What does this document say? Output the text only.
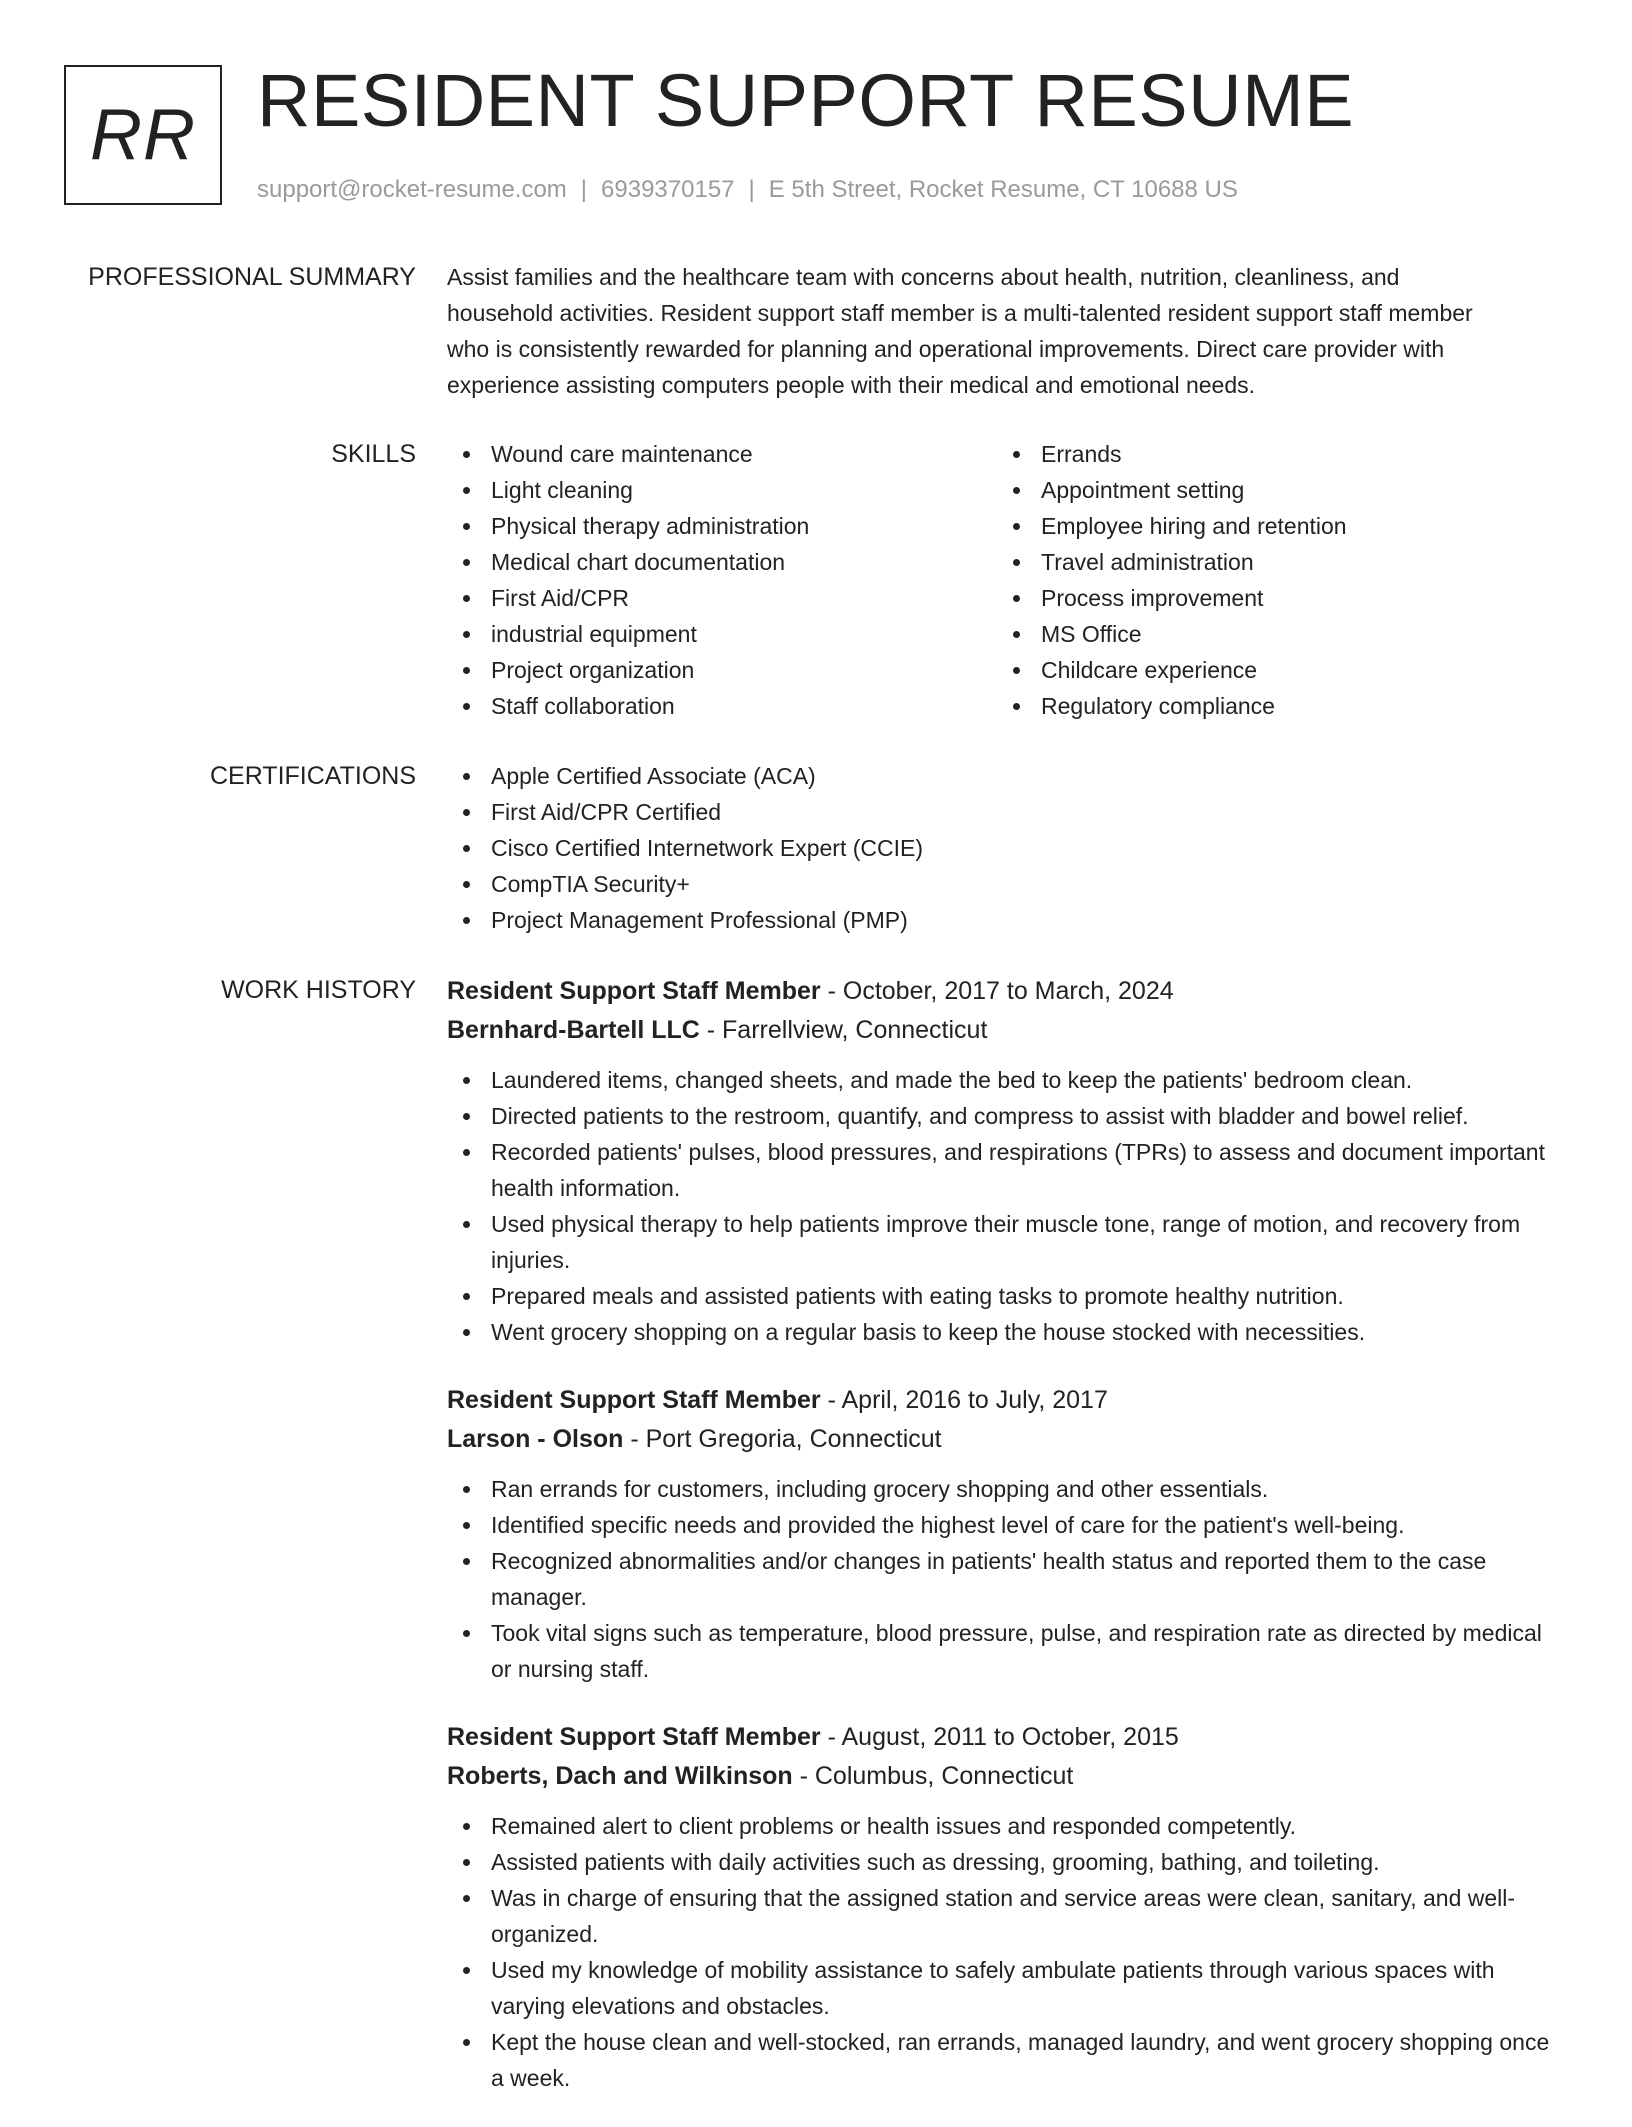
RR RESIDENT SUPPORT RESUME
support@rocket-resume.com | 6939370157 | E 5th Street, Rocket Resume, CT 10688 US
PROFESSIONAL SUMMARY Assist families and the healthcare team with concerns about health, nutrition, cleanliness, and household activities. Resident support staff member is a multi-talented resident support staff member who is consistently rewarded for planning and operational improvements. Direct care provider with experience assisting computers people with their medical and emotional needs.

SKILLS	Wound care maintenance
Light cleaning
Physical therapy administration
Medical chart documentation
First Aid/CPR
industrial equipment
Project organization
Staff collaboration
Errands
Appointment setting
Employee hiring and retention
Travel administration
Process improvement
MS Office
Childcare experience
Regulatory compliance
CERTIFICATIONS	Apple Certified Associate (ACA)
First Aid/CPR Certified
Cisco Certified Internetwork Expert (CCIE)
CompTIA Security+
Project Management Professional (PMP)
WORK HISTORY Resident Support Staff Member - October, 2017 to March, 2024
Bernhard-Bartell LLC - Farrellview, Connecticut
Laundered items, changed sheets, and made the bed to keep the patients' bedroom clean.
Directed patients to the restroom, quantify, and compress to assist with bladder and bowel relief.
Recorded patients' pulses, blood pressures, and respirations (TPRs) to assess and document important health information.
Used physical therapy to help patients improve their muscle tone, range of motion, and recovery from injuries.
Prepared meals and assisted patients with eating tasks to promote healthy nutrition.
Went grocery shopping on a regular basis to keep the house stocked with necessities.
Resident Support Staff Member - April, 2016 to July, 2017
Larson - Olson - Port Gregoria, Connecticut
Ran errands for customers, including grocery shopping and other essentials.
Identified specific needs and provided the highest level of care for the patient's well-being.
Recognized abnormalities and/or changes in patients' health status and reported them to the case manager.
Took vital signs such as temperature, blood pressure, pulse, and respiration rate as directed by medical or nursing staff.
Resident Support Staff Member - August, 2011 to October, 2015
Roberts, Dach and Wilkinson - Columbus, Connecticut
Remained alert to client problems or health issues and responded competently.
Assisted patients with daily activities such as dressing, grooming, bathing, and toileting.
Was in charge of ensuring that the assigned station and service areas were clean, sanitary, and well-organized.
Used my knowledge of mobility assistance to safely ambulate patients through various spaces with varying elevations and obstacles.
Kept the house clean and well-stocked, ran errands, managed laundry, and went grocery shopping once a week.
